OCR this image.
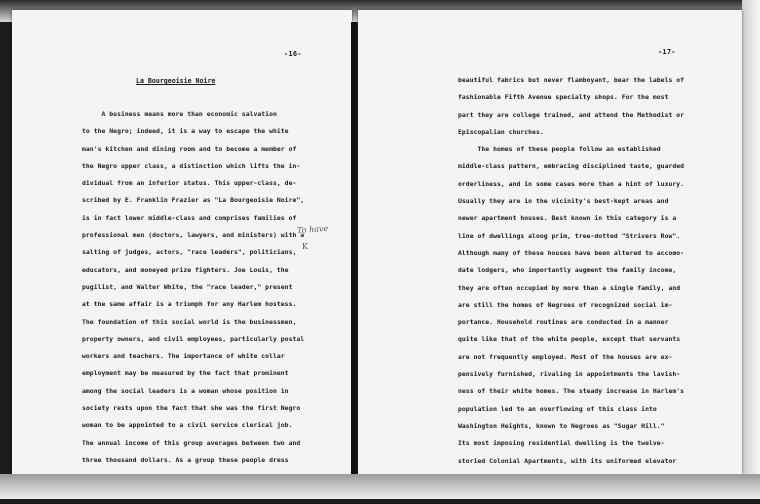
-16-
La Bourgeoisie Noire
A business means more than economic salvation
to the Negro; indeed, it is a way to escape the white
man's kitchen and dining room and to become a member of
the Negro upper class, a distinction which lifts the in-
dividual from an inferior status. This upper-class, de-
scribed by E. Franklin Frazier as "La Bourgeoisie Noire",
is in fact lower middle-class and comprises families of
professional men (doctors, lawyers, and ministers) with a
salting of judges, actors, "race leaders", politicians,
educators, and moneyed prize fighters. Joe Louis, the
pugilist, and Walter White, the "race leader," present
at the same affair is a triumph for any Harlem hostess.
The foundation of this social world is the businessmen,
property owners, and civil employees, particularly postal
workers and teachers. The importance of white collar
employment may be measured by the fact that prominent
among the social leaders is a woman whose position in
society rests upon the fact that she was the first Negro
woman to be appointed to a civil service clerical job.
The annual income of this group averages between two and
three thousand dollars. As a group these people dress
To have
K
-17-
beautiful fabrics but never flamboyant, bear the labels of
fashionable Fifth Avenue specialty shops. For the most
part they are college trained, and attend the Methodist or
Episcopalian churches.
The homes of these people follow an established
middle-class pattern, embracing disciplined taste, guarded
orderliness, and in some cases more than a hint of luxury.
Usually they are in the vicinity's best-kept areas and
newer apartment houses. Best known in this category is a
line of dwellings along prim, tree-dotted "Strivers Row".
Although many of these houses have been altered to accomo-
date lodgers, who importantly augment the family income,
they are often occupied by more than a single family, and
are still the homes of Negroes of recognized social im-
portance. Household routines are conducted in a manner
quite like that of the white people, except that servants
are not frequently employed. Most of the houses are ex-
pensively furnished, rivaling in appointments the lavish-
ness of their white homes. The steady increase in Harlem's
population led to an overflowing of this class into
Washington Heights, known to Negroes as "Sugar Hill."
Its most imposing residential dwelling is the twelve-
storied Colonial Apartments, with its uniformed elevator
